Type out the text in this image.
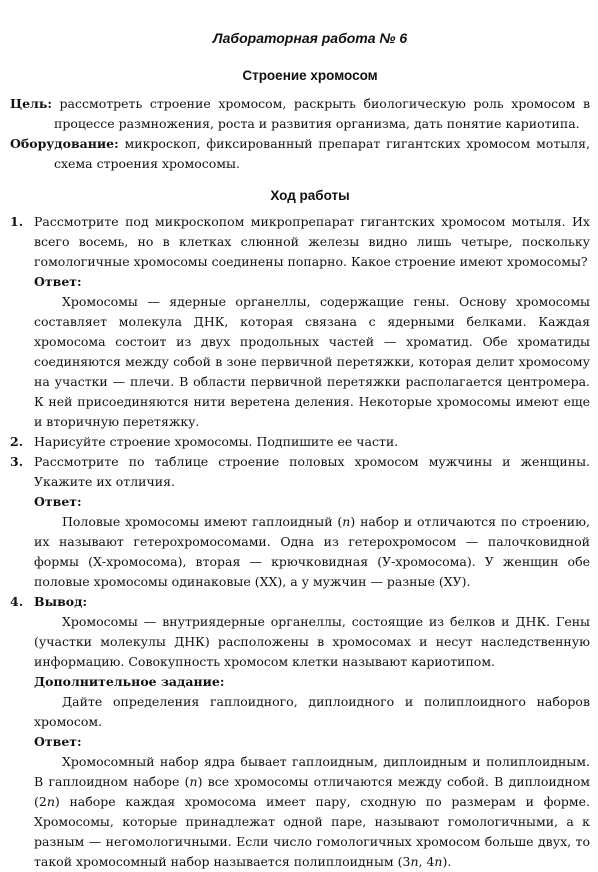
Лабораторная работа № 6
Строение хромосом
Цель: рассмотреть строение хромосом, раскрыть биологическую роль хромосом в процессе размножения, роста и развития организма, дать понятие кариотипа.
Оборудование: микроскоп, фиксированный препарат гигантских хромосом мотыля, схема строения хромосомы.
Ход работы
1. Рассмотрите под микроскопом микропрепарат гигантских хромосом мотыля. Их всего восемь, но в клетках слюнной железы видно лишь четыре, поскольку гомологичные хромосомы соединены попарно. Какое строение имеют хромосомы?
Ответ:
Хромосомы — ядерные органеллы, содержащие гены. Основу хромосомы составляет молекула ДНК, которая связана с ядерными белками. Каждая хромосома состоит из двух продольных частей — хроматид. Обе хроматиды соединяются между собой в зоне первичной перетяжки, которая делит хромосому на участки — плечи. В области первичной перетяжки располагается центромера. К ней присоединяются нити веретена деления. Некоторые хромосомы имеют еще и вторичную перетяжку.
2. Нарисуйте строение хромосомы. Подпишите ее части.
3. Рассмотрите по таблице строение половых хромосом мужчины и женщины. Укажите их отличия.
Ответ:
Половые хромосомы имеют гаплоидный (n) набор и отличаются по строению, их называют гетерохромосомами. Одна из гетерохромосом — палочковидной формы (Х-хромосома), вторая — крючковидная (У-хромосома). У женщин обе половые хромосомы одинаковые (ХХ), а у мужчин — разные (ХУ).
4. Вывод:
Хромосомы — внутриядерные органеллы, состоящие из белков и ДНК. Гены (участки молекулы ДНК) расположены в хромосомах и несут наследственную информацию. Совокупность хромосом клетки называют кариотипом.
Дополнительное задание:
Дайте определения гаплоидного, диплоидного и полиплоидного наборов хромосом.
Ответ:
Хромосомный набор ядра бывает гаплоидным, диплоидным и полиплоидным. В гаплоидном наборе (n) все хромосомы отличаются между собой. В диплоидном (2n) наборе каждая хромосома имеет пару, сходную по размерам и форме. Хромосомы, которые принадлежат одной паре, называют гомологичными, а к разным — негомологичными. Если число гомологичных хромосом больше двух, то такой хромосомный набор называется полиплоидным (3n, 4n).
